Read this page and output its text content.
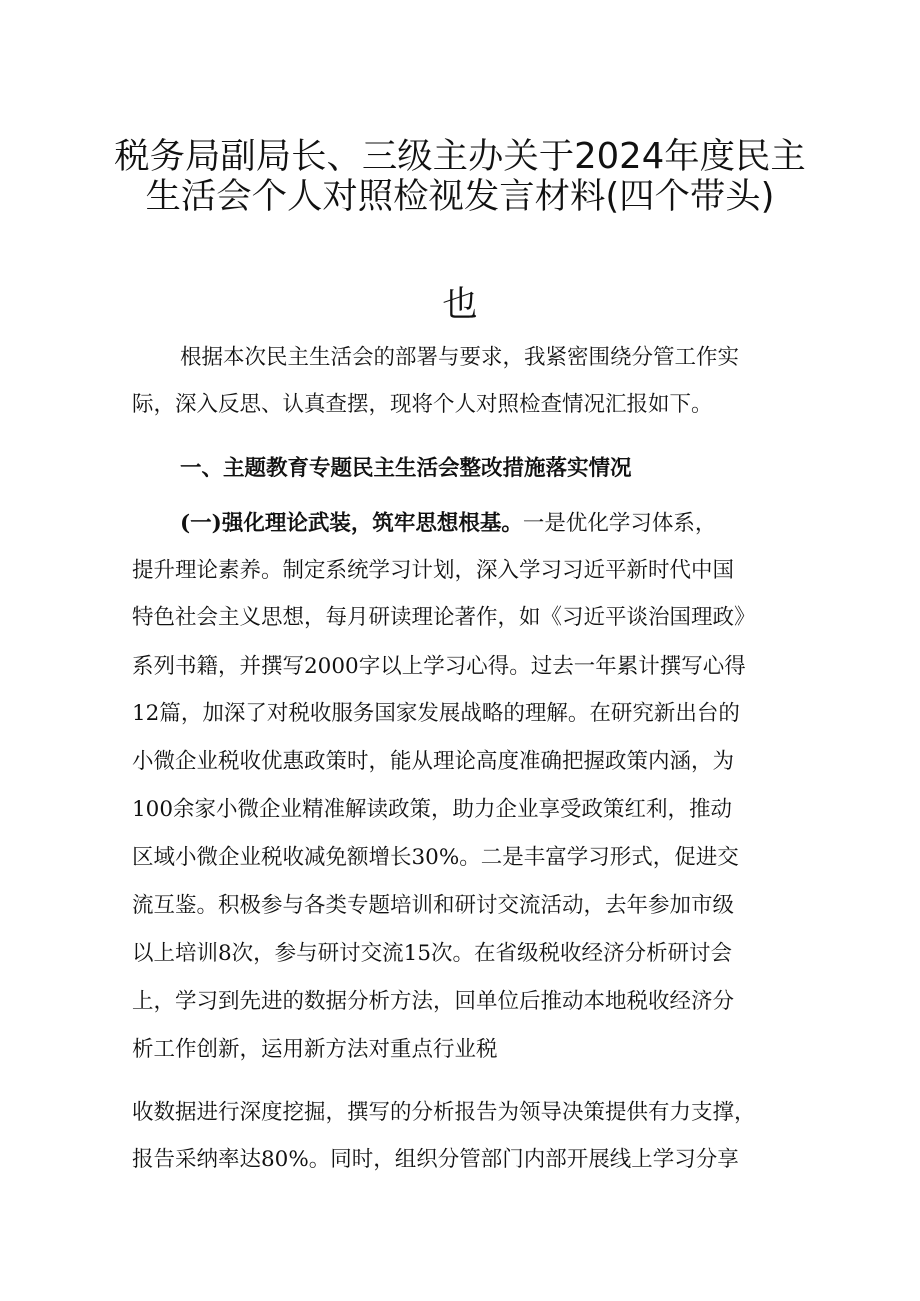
税务局副局长、三级主办关于2024年度民主
生活会个人对照检视发言材料(四个带头)
也
根据本次民主生活会的部署与要求，我紧密围绕分管工作实
际，深入反思、认真查摆，现将个人对照检查情况汇报如下。
一、主题教育专题民主生活会整改措施落实情况
(一)强化理论武装，筑牢思想根基。一是优化学习体系，
提升理论素养。制定系统学习计划，深入学习习近平新时代中国
特色社会主义思想，每月研读理论著作，如《习近平谈治国理政》
系列书籍，并撰写2000字以上学习心得。过去一年累计撰写心得
12篇，加深了对税收服务国家发展战略的理解。在研究新出台的
小微企业税收优惠政策时，能从理论高度准确把握政策内涵，为
100余家小微企业精准解读政策，助力企业享受政策红利，推动
区域小微企业税收减免额增长30%。二是丰富学习形式，促进交
流互鉴。积极参与各类专题培训和研讨交流活动，去年参加市级
以上培训8次，参与研讨交流15次。在省级税收经济分析研讨会
上，学习到先进的数据分析方法，回单位后推动本地税收经济分
析工作创新，运用新方法对重点行业税
收数据进行深度挖掘，撰写的分析报告为领导决策提供有力支撑，
报告采纳率达80%。同时，组织分管部门内部开展线上学习分享
